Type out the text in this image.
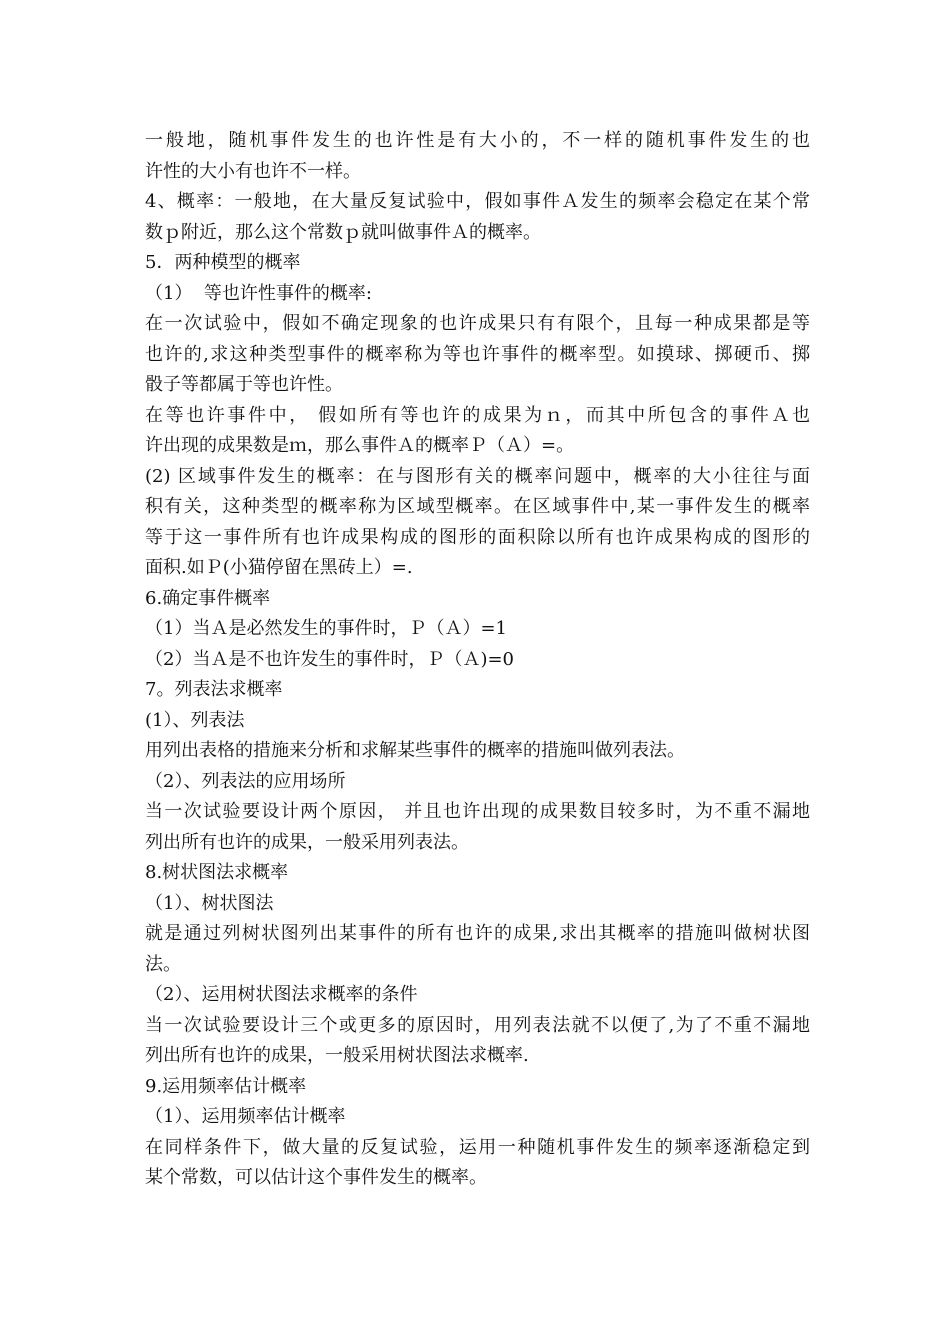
一般地，随机事件发生的也许性是有大小的，不一样的随机事件发生的也

许性的大小有也许不一样。

4、概率：一般地，在大量反复试验中，假如事件Ａ发生的频率会稳定在某个常

数ｐ附近，那么这个常数ｐ就叫做事件Ａ的概率。

5．两种模型的概率

（1）  等也许性事件的概率:

在一次试验中，假如不确定现象的也许成果只有有限个，且每一种成果都是等

也许的,求这种类型事件的概率称为等也许事件的概率型。如摸球、掷硬币、掷

骰子等都属于等也许性。

在等也许事件中， 假如所有等也许的成果为ｎ，而其中所包含的事件Ａ也

许出现的成果数是ｍ，那么事件Ａ的概率Ｐ（Ａ）=。

(2) 区域事件发生的概率：在与图形有关的概率问题中，概率的大小往往与面

积有关，这种类型的概率称为区域型概率。在区域事件中,某一事件发生的概率

等于这一事件所有也许成果构成的图形的面积除以所有也许成果构成的图形的

面积.如Ｐ(小猫停留在黑砖上）=.

6.确定事件概率

（1）当Ａ是必然发生的事件时，Ｐ（Ａ）=1

（2）当Ａ是不也许发生的事件时，Ｐ（Ａ)=0

7。列表法求概率

(1）、列表法

用列出表格的措施来分析和求解某些事件的概率的措施叫做列表法。

（2）、列表法的应用场所

当一次试验要设计两个原因， 并且也许出现的成果数目较多时，为不重不漏地

列出所有也许的成果，一般采用列表法。

8.树状图法求概率

（1）、树状图法

就是通过列树状图列出某事件的所有也许的成果,求出其概率的措施叫做树状图

法。

（2）、运用树状图法求概率的条件

当一次试验要设计三个或更多的原因时，用列表法就不以便了,为了不重不漏地

列出所有也许的成果，一般采用树状图法求概率.

9.运用频率估计概率

（1）、运用频率估计概率

在同样条件下，做大量的反复试验，运用一种随机事件发生的频率逐渐稳定到

某个常数，可以估计这个事件发生的概率。
